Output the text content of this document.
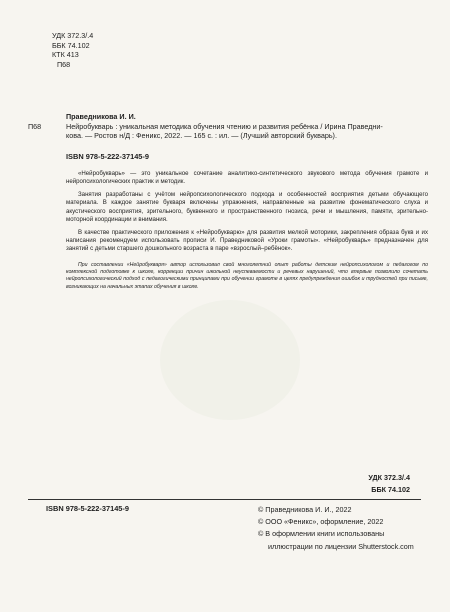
УДК 372.3/.4
ББК 74.102
КТК 413
П68
Праведникова И. И.
П68	Нейробукварь : уникальная методика обучения чтению и развития ребёнка / Ирина Праведни-
кова. — Ростов н/Д : Феникс, 2022. — 165 с. : ил. — (Лучший авторский букварь).
ISBN 978-5-222-37145-9

«Нейробукварь» — это уникальное сочетание аналитико-синтетического звукового метода обучения грамоте и нейропсихологических практик и методик.

Занятия разработаны с учётом нейропсихологического подхода и особенностей восприятия детьми обучающего материала. В каждое занятие букваря включены упражнения, направленные на развитие фонематического слуха и акустического восприятия, зрительного, буквенного и пространственного гнозиса, речи и мышления, памяти, зрительно-моторной координации и внимания.

В качестве практического приложения к «Нейробукварю» для развития мелкой моторики, закрепления образа букв и их написания рекомендуем использовать прописи И. Праведниковой «Уроки грамоты». «Нейробукварь» предназначен для занятий с детьми старшего дошкольного возраста в паре «взрослый–ребёнок».

При составлении «Нейробукваря» автор использовал свой многолетний опыт работы детским нейропсихологом и педагогом по комплексной подготовке к школе, коррекции причин школьной неуспеваемости и речевых нарушений, что впервые позволило сочетать нейропсихологический подход с педагогическими принципами при обучении грамоте в целях предупреждения ошибок и трудностей при письме, возникающих на начальных этапах обучения в школе.

УДК 372.3/.4
ББК 74.102
ISBN 978-5-222-37145-9	© Праведникова И. И., 2022
© ООО «Феникс», оформление, 2022
© В оформлении книги использованы
иллюстрации по лицензии Shutterstock.com
